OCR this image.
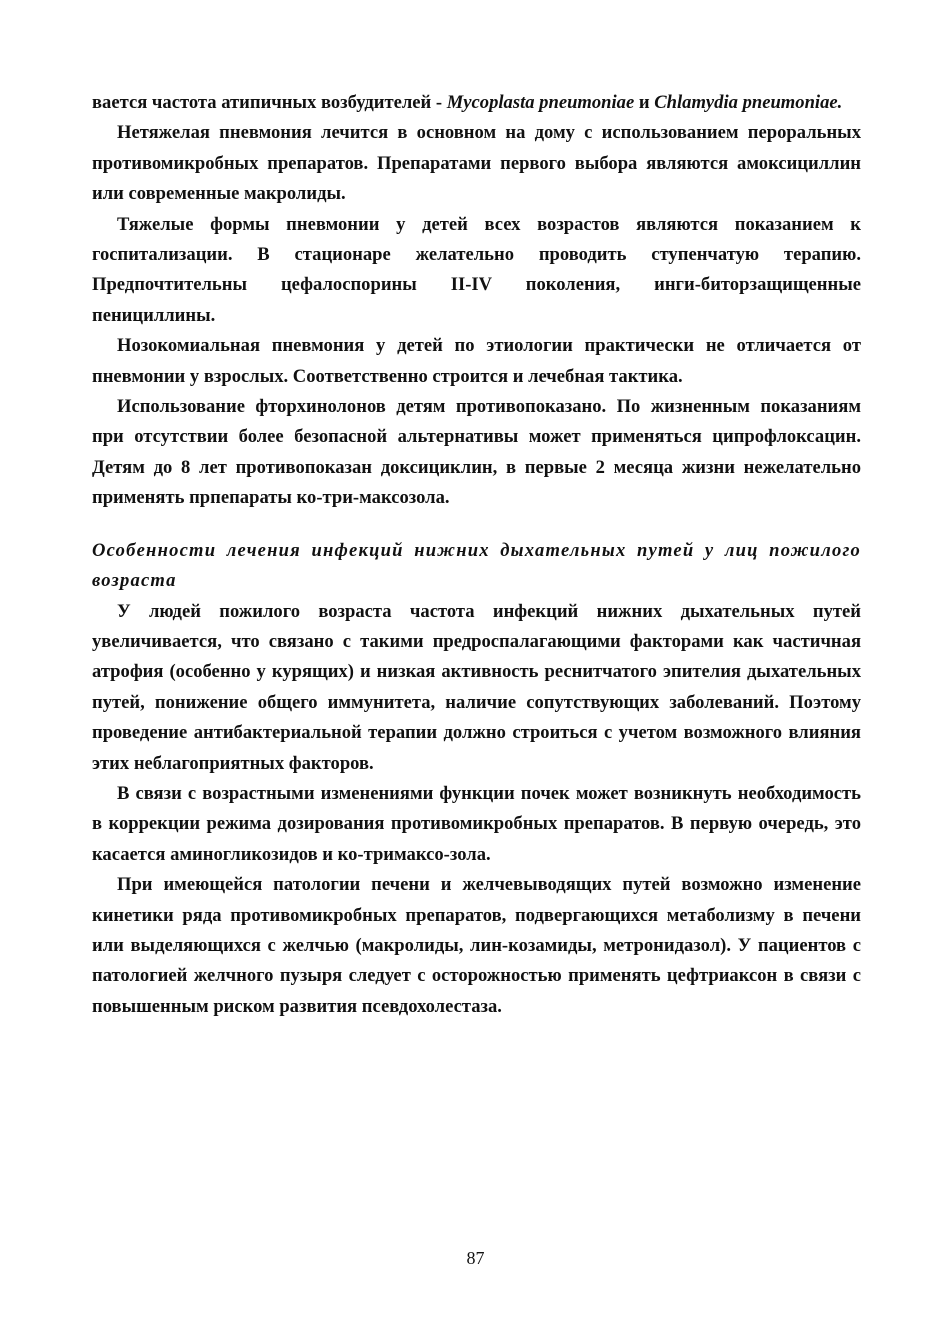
вается частота атипичных возбудителей - Mycoplasta pneumoniae и Chlamydia pneumoniae.

Нетяжелая пневмония лечится в основном на дому с использованием пероральных противомикробных препаратов. Препаратами первого выбора являются амоксициллин или современные макролиды.

Тяжелые формы пневмонии у детей всех возрастов являются показанием к госпитализации. В стационаре желательно проводить ступенчатую терапию. Предпочтительны цефалоспорины II-IV поколения, инги-биторзащищенные пенициллины.

Нозокомиальная пневмония у детей по этиологии практически не отличается от пневмонии у взрослых. Соответственно строится и лечебная тактика.

Использование фторхинолонов детям противопоказано. По жизненным показаниям при отсутствии более безопасной альтернативы может применяться ципрофлоксацин. Детям до 8 лет противопоказан доксициклин, в первые 2 месяца жизни нежелательно применять прпепараты ко-три-максозола.

Особенности лечения инфекций нижних дыхательных путей у лиц пожилого возраста

У людей пожилого возраста частота инфекций нижних дыхательных путей увеличивается, что связано с такими предроспалагающими факторами как частичная атрофия (особенно у курящих) и низкая активность реснитчатого эпителия дыхательных путей, понижение общего иммунитета, наличие сопутствующих заболеваний. Поэтому проведение антибактериальной терапии должно строиться с учетом возможного влияния этих неблагоприятных факторов.

В связи с возрастными изменениями функции почек может возникнуть необходимость в коррекции режима дозирования противомикробных препаратов. В первую очередь, это касается аминогликозидов и ко-тримаксо-зола.

При имеющейся патологии печени и желчевыводящих путей возможно изменение кинетики ряда противомикробных препаратов, подвергающихся метаболизму в печени или выделяющихся с желчью (макролиды, лин-козамиды, метронидазол). У пациентов с патологией желчного пузыря следует с осторожностью применять цефтриаксон в связи с повышенным риском развития псевдохолестаза.

87
